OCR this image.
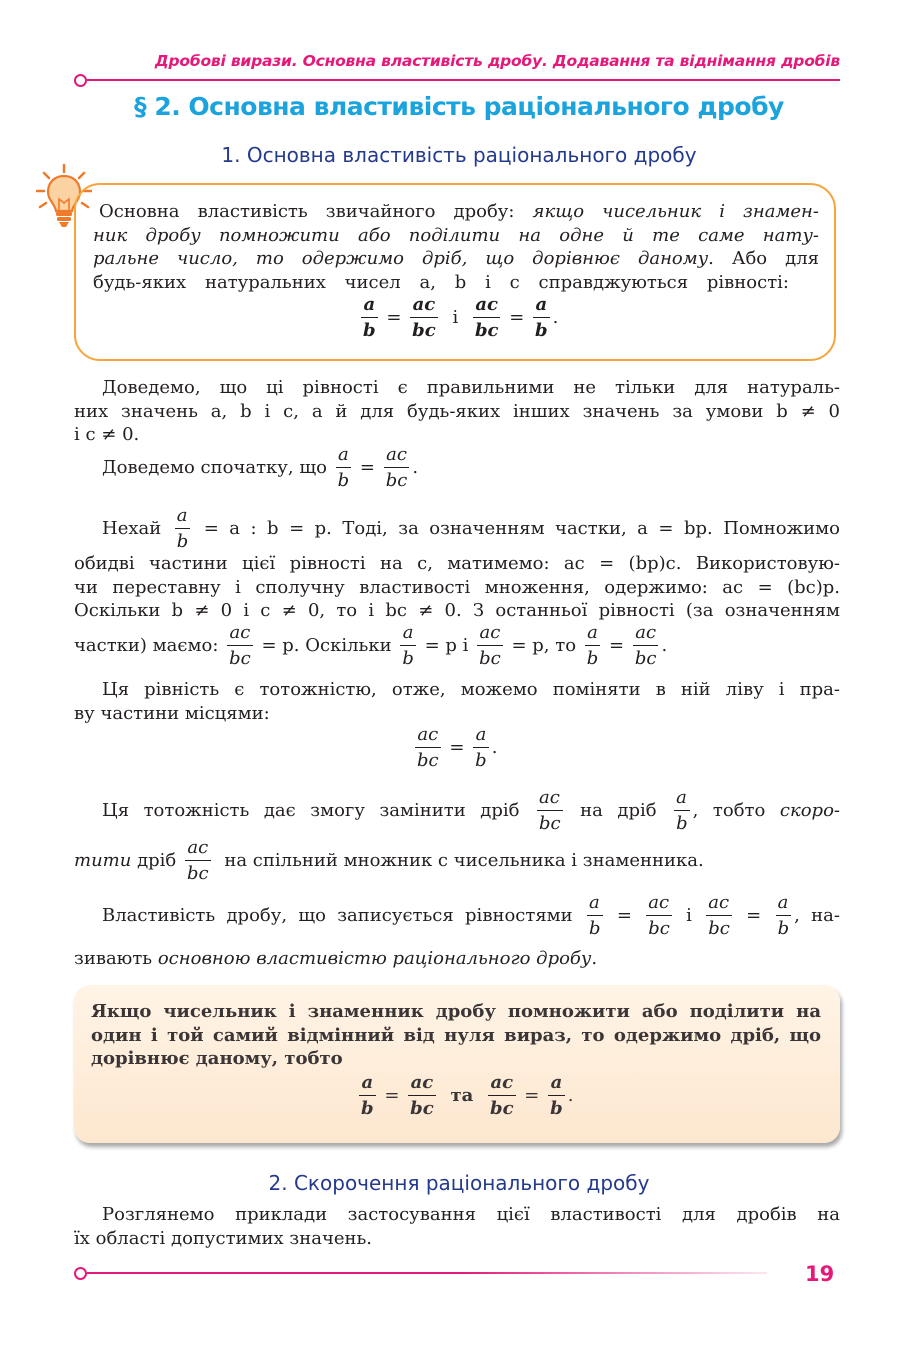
Дробові вирази. Основна властивість дробу. Додавання та віднімання дробів
§ 2. Основна властивість раціонального дробу
1. Основна властивість раціонального дробу
Основна властивість звичайного дробу: якщо чисельник і знамен-
ник дробу помножити або поділити на одне й те саме нату-
ральне число, то одержимо дріб, що дорівнює даному. Або для
будь-яких натуральних чисел a, b і c справджуються рівності:
$\frac{a}{b} = \frac{ac}{bc}$ і $\frac{ac}{bc} = \frac{a}{b}$ .
Доведемо, що ці рівності є правильними не тільки для натураль-
них значень a, b і c, а й для будь-яких інших значень за умови b ≠ 0
і c ≠ 0.
Доведемо спочатку, що $\frac{a}{b} = \frac{ac}{bc}$ .
Нехай $\frac{a}{b} = a$ : b = p. Тоді, за означенням частки, a = bp. Помножимо
обидві частини цієї рівності на c, матимемо: ac = (bp)c. Використовую-
чи переставну і сполучну властивості множення, одержимо: ac = (bc)p.
Оскільки b ≠ 0 і c ≠ 0, то і bc ≠ 0. З останньої рівності (за означенням
частки) маємо: $\frac{ac}{bc} = p$. Оскільки $\frac{a}{b} = p$ і $\frac{ac}{bc} = p$, то $\frac{a}{b} = \frac{ac}{bc}$ .
Ця рівність є тотожністю, отже, можемо поміняти в ній ліву і пра-
ву частини місцями:
$\frac{ac}{bc} = \frac{a}{b}$ .
Ця тотожність дає змогу замінити дріб $\frac{ac}{bc}$ на дріб $\frac{a}{b}$ , тобто скоро-
тити дріб $\frac{ac}{bc}$ на спільний множник c чисельника і знаменника.
Властивість дробу, що записується рівностями $\frac{a}{b} = \frac{ac}{bc}$ і $\frac{ac}{bc} = \frac{a}{b}$ , на-
зивають основною властивістю раціонального дробу.
Якщо чисельник і знаменник дробу помножити або поділити на
один і той самий відмінний від нуля вираз, то одержимо дріб, що
дорівнює даному, тобто
$\frac{a}{b} = \frac{ac}{bc}$ та $\frac{ac}{bc} = \frac{a}{b}$ .
2. Скорочення раціонального дробу
Розглянемо приклади застосування цієї властивості для дробів на
їх області допустимих значень.
19
